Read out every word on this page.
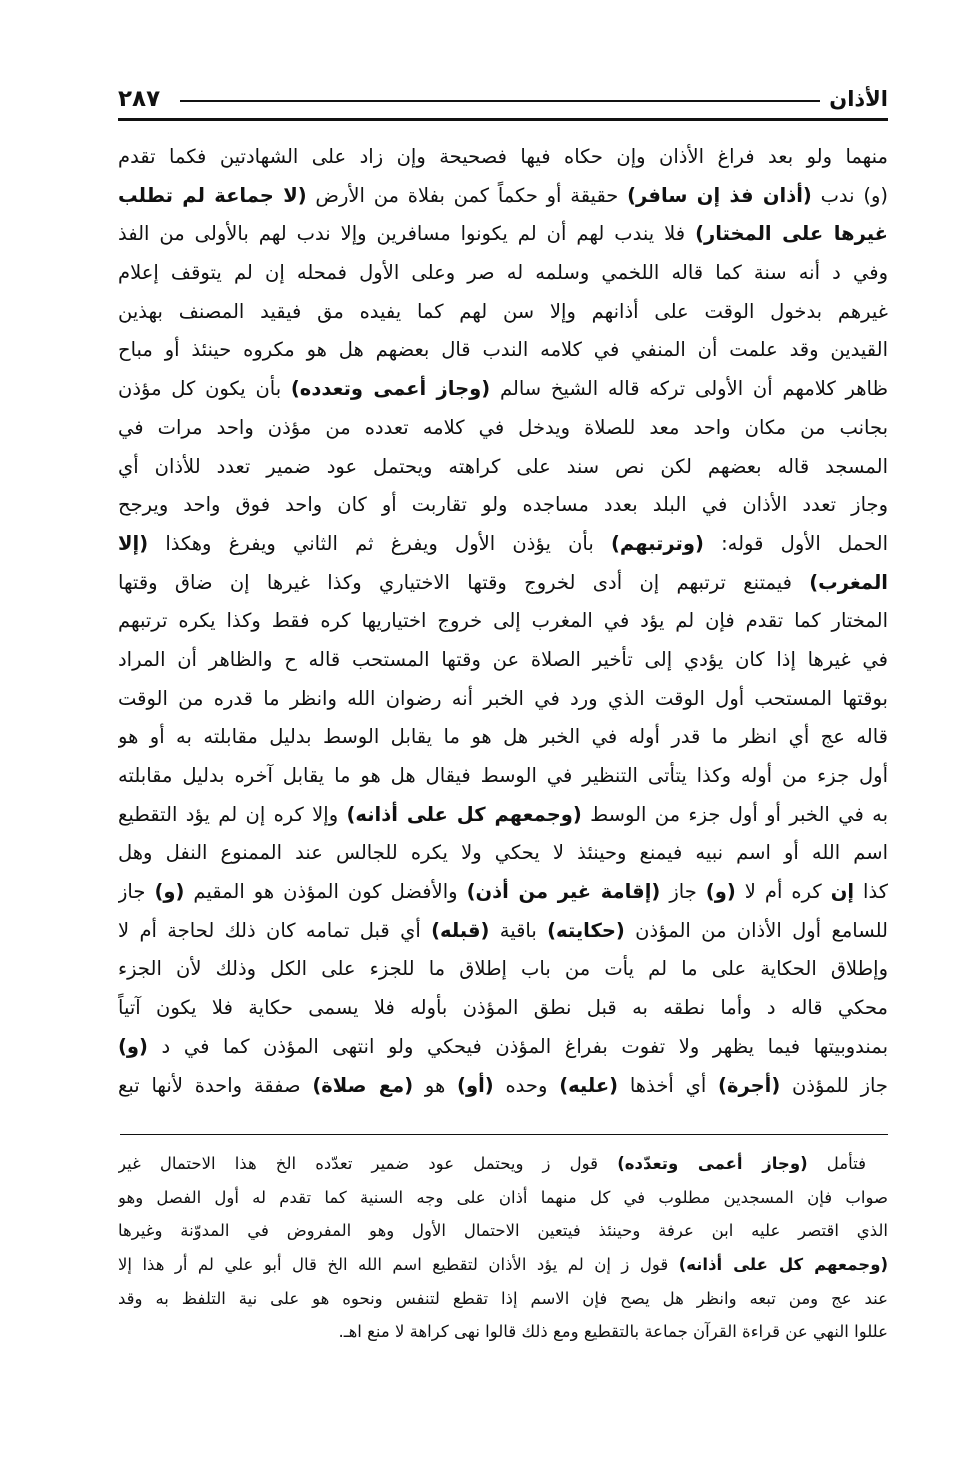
الأذان
٢٨٧
منهما ولو بعد فراغ الأذان وإن حكاه فيها فصحيحة وإن زاد على الشهادتين فكما تقدم
(و) ندب (أذان فذ إن سافر) حقيقة أو حكماً كمن بفلاة من الأرض (لا جماعة لم تطلب
غيرها على المختار) فلا يندب لهم أن لم يكونوا مسافرين وإلا ندب لهم بالأولى من الفذ
وفي د أنه سنة كما قاله اللخمي وسلمه له صر وعلى الأول فمحله إن لم يتوقف إعلام
غيرهم بدخول الوقت على أذانهم وإلا سن لهم كما يفيده مق فيقيد المصنف بهذين
القيدين وقد علمت أن المنفي في كلامه الندب قال بعضهم هل هو مكروه حينئذ أو مباح
ظاهر كلامهم أن الأولى تركه قاله الشيخ سالم (وجاز أعمى وتعدده) بأن يكون كل مؤذن
بجانب من مكان واحد معد للصلاة ويدخل في كلامه تعدده من مؤذن واحد مرات في
المسجد قاله بعضهم لكن نص سند على كراهته ويحتمل عود ضمير تعدد للأذان أي
وجاز تعدد الأذان في البلد بعدد مساجده ولو تقاربت أو كان واحد فوق واحد ويرجح
الحمل الأول قوله: (وترتبهم) بأن يؤذن الأول ويفرغ ثم الثاني ويفرغ وهكذا (إلا
المغرب) فيمتنع ترتبهم إن أدى لخروج وقتها الاختياري وكذا غيرها إن ضاق وقتها
المختار كما تقدم فإن لم يؤد في المغرب إلى خروج اختياريها كره فقط وكذا يكره ترتبهم
في غيرها إذا كان يؤدي إلى تأخير الصلاة عن وقتها المستحب قاله ح والظاهر أن المراد
بوقتها المستحب أول الوقت الذي ورد في الخبر أنه رضوان الله وانظر ما قدره من الوقت
قاله عج أي انظر ما قدر أوله في الخبر هل هو ما يقابل الوسط بدليل مقابلته به أو هو
أول جزء من أوله وكذا يتأتى التنظير في الوسط فيقال هل هو ما يقابل آخره بدليل مقابلته
به في الخبر أو أول جزء من الوسط (وجمعهم كل على أذانه) وإلا كره إن لم يؤد التقطيع
اسم الله أو اسم نبيه فيمنع وحينئذ لا يحكي ولا يكره للجالس عند الممنوع النفل وهل
كذا إن كره أم لا (و) جاز (إقامة غير من أذن) والأفضل كون المؤذن هو المقيم (و) جاز
للسامع أول الأذان من المؤذن (حكايته) باقية (قبله) أي قبل تمامه كان ذلك لحاجة أم لا
وإطلاق الحكاية على ما لم يأت من باب إطلاق ما للجزء على الكل وذلك لأن الجزء
محكي قاله د وأما نطقه به قبل نطق المؤذن بأوله فلا يسمى حكاية فلا يكون آتياً
بمندوبيتها فيما يظهر ولا تفوت بفراغ المؤذن فيحكي ولو انتهى المؤذن كما في د (و)
جاز للمؤذن (أجرة) أي أخذها (عليه) وحده (أو) هو (مع صلاة) صفقة واحدة لأنها تبع
فتأمل (وجاز أعمى وتعدّده) قول ز ويحتمل عود ضمير تعدّده الخ هذا الاحتمال غير
صواب فإن المسجدين مطلوب في كل منهما أذان على وجه السنية كما تقدم له أول الفصل وهو
الذي اقتصر عليه ابن عرفة وحينئذ فيتعين الاحتمال الأول وهو المفروض في المدوّنة وغيرها
(وجمعهم كل على أذانه) قول ز إن لم يؤد الأذان لتقطيع اسم الله الخ قال أبو علي لم أر هذا إلا
عند عج ومن تبعه وانظر هل يصح فإن الاسم إذا تقطع لتنفس ونحوه هو على نية التلفظ به وقد
عللوا النهي عن قراءة القرآن جماعة بالتقطيع ومع ذلك قالوا نهى كراهة لا منع اهـ.
